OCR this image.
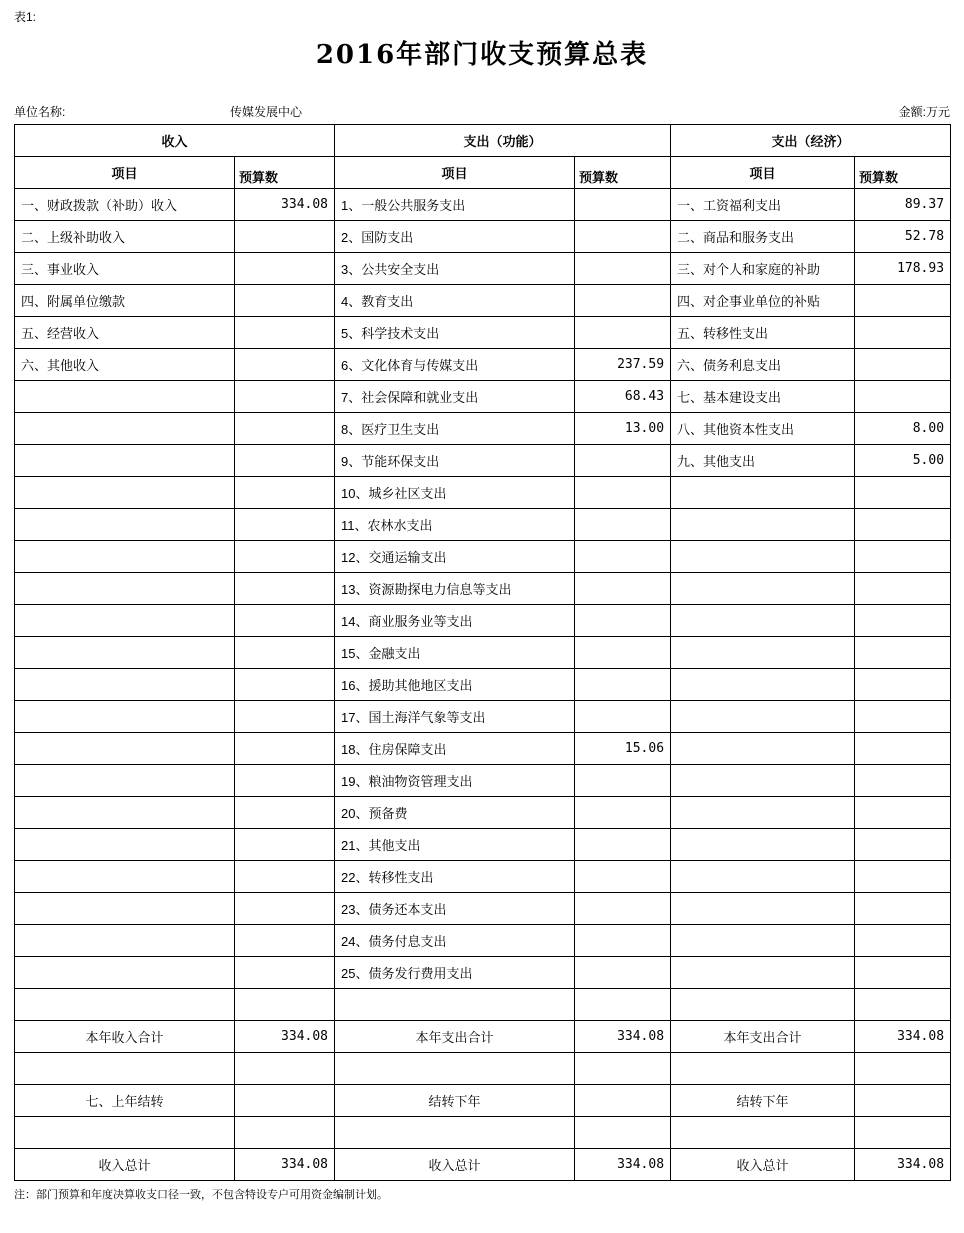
表1:
2016年部门收支预算总表
单位名称:	传媒发展中心	金额:万元
收入		支出（功能）		支出（经济）	
项目	预算数	项目	预算数	项目	预算数
一、财政拨款（补助）收入	334.08	1、一般公共服务支出		一、工资福利支出	89.37
二、上级补助收入		2、国防支出		二、商品和服务支出	52.78
三、事业收入		3、公共安全支出		三、对个人和家庭的补助	178.93
四、附属单位缴款		4、教育支出		四、对企事业单位的补贴	
五、经营收入		5、科学技术支出		五、转移性支出	
六、其他收入		6、文化体育与传媒支出	237.59	六、债务利息支出	
		7、社会保障和就业支出	68.43	七、基本建设支出	
		8、医疗卫生支出	13.00	八、其他资本性支出	8.00
		9、节能环保支出		九、其他支出	5.00
		10、城乡社区支出			
		11、农林水支出			
		12、交通运输支出			
		13、资源勘探电力信息等支出			
		14、商业服务业等支出			
		15、金融支出			
		16、援助其他地区支出			
		17、国土海洋气象等支出			
		18、住房保障支出	15.06		
		19、粮油物资管理支出			
		20、预备费			
		21、其他支出			
		22、转移性支出			
		23、债务还本支出			
		24、债务付息支出			
		25、债务发行费用支出			

本年收入合计	334.08	本年支出合计	334.08	本年支出合计	334.08

七、上年结转		结转下年		结转下年	

收入总计	334.08	收入总计	334.08	收入总计	334.08
注：部门预算和年度决算收支口径一致，不包含特设专户可用资金编制计划。
